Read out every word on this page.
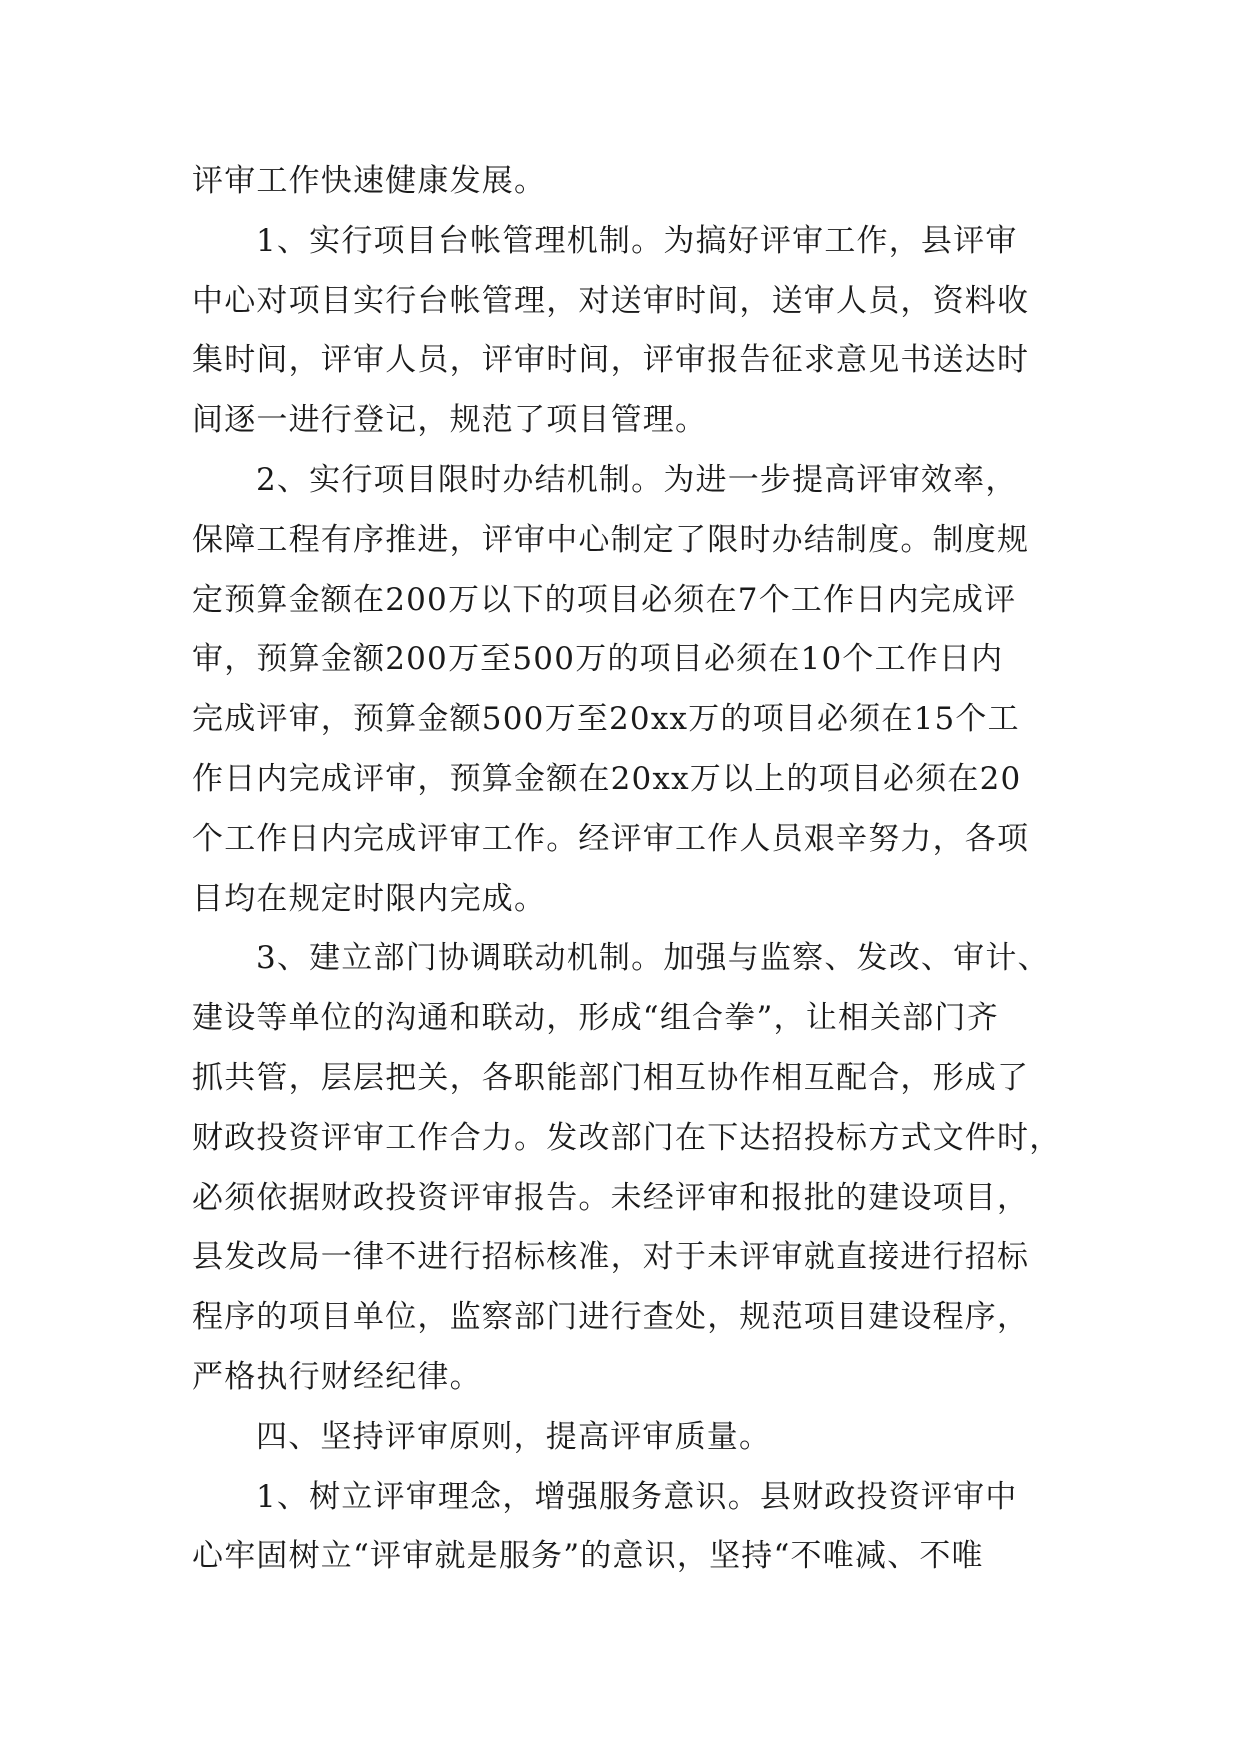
评审工作快速健康发展。
1、实行项目台帐管理机制。为搞好评审工作，县评审
中心对项目实行台帐管理，对送审时间，送审人员，资料收
集时间，评审人员，评审时间，评审报告征求意见书送达时
间逐一进行登记，规范了项目管理。
2、实行项目限时办结机制。为进一步提高评审效率，
保障工程有序推进，评审中心制定了限时办结制度。制度规
定预算金额在200万以下的项目必须在7个工作日内完成评
审，预算金额200万至500万的项目必须在10个工作日内
完成评审，预算金额500万至20xx万的项目必须在15个工
作日内完成评审，预算金额在20xx万以上的项目必须在20
个工作日内完成评审工作。经评审工作人员艰辛努力，各项
目均在规定时限内完成。
3、建立部门协调联动机制。加强与监察、发改、审计、
建设等单位的沟通和联动，形成“组合拳”，让相关部门齐
抓共管，层层把关，各职能部门相互协作相互配合，形成了
财政投资评审工作合力。发改部门在下达招投标方式文件时，
必须依据财政投资评审报告。未经评审和报批的建设项目，
县发改局一律不进行招标核准，对于未评审就直接进行招标
程序的项目单位，监察部门进行查处，规范项目建设程序，
严格执行财经纪律。
四、坚持评审原则，提高评审质量。
1、树立评审理念，增强服务意识。县财政投资评审中
心牢固树立“评审就是服务”的意识，坚持“不唯减、不唯
